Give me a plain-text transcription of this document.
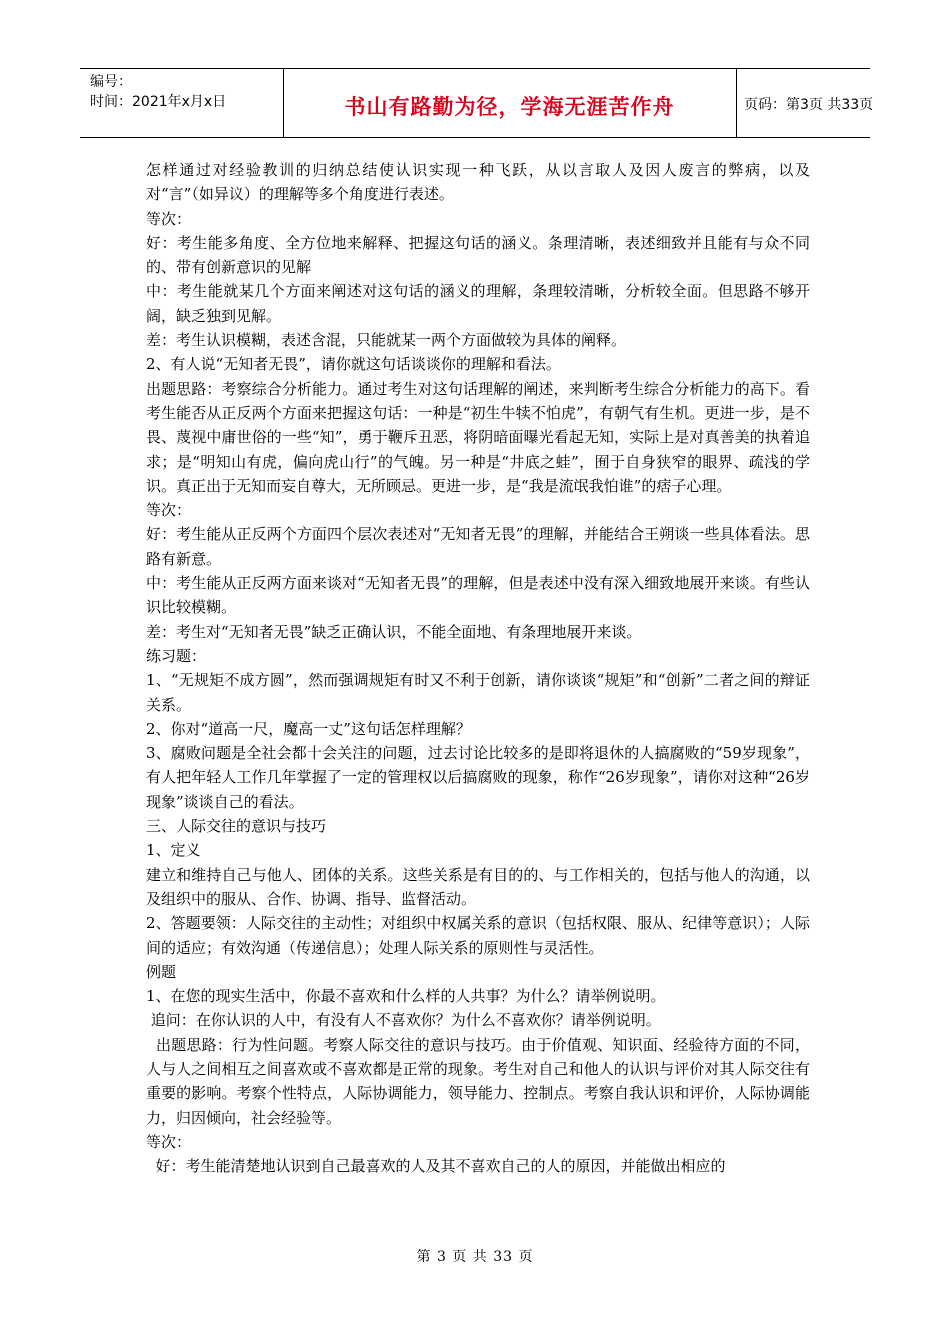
编号：
时间：2021年x月x日	书山有路勤为径，学海无涯苦作舟	页码：第3页 共33页

怎样通过对经验教训的归纳总结使认识实现一种飞跃，从以言取人及因人废言的弊病，以及对“言”（如异议）的理解等多个角度进行表述。

等次：

好：考生能多角度、全方位地来解释、把握这句话的涵义。条理清晰，表述细致并且能有与众不同的、带有创新意识的见解

中：考生能就某几个方面来阐述对这句话的涵义的理解，条理较清晰，分析较全面。但思路不够开阔，缺乏独到见解。

差：考生认识模糊，表述含混，只能就某一两个方面做较为具体的阐释。

2、有人说“无知者无畏”，请你就这句话谈谈你的理解和看法。

出题思路：考察综合分析能力。通过考生对这句话理解的阐述，来判断考生综合分析能力的高下。看考生能否从正反两个方面来把握这句话：一种是“初生牛犊不怕虎”，有朝气有生机。更进一步，是不畏、蔑视中庸世俗的一些“知”，勇于鞭斥丑恶，将阴暗面曝光看起无知，实际上是对真善美的执着追求；是“明知山有虎，偏向虎山行”的气魄。另一种是“井底之蛙”，囿于自身狭窄的眼界、疏浅的学识。真正出于无知而妄自尊大，无所顾忌。更进一步，是“我是流氓我怕谁”的痞子心理。

等次：

好：考生能从正反两个方面四个层次表述对“无知者无畏”的理解，并能结合王朔谈一些具体看法。思路有新意。

中：考生能从正反两方面来谈对“无知者无畏”的理解，但是表述中没有深入细致地展开来谈。有些认识比较模糊。

差：考生对“无知者无畏”缺乏正确认识，不能全面地、有条理地展开来谈。

练习题：

1、“无规矩不成方圆”，然而强调规矩有时又不利于创新，请你谈谈“规矩”和“创新”二者之间的辩证关系。

2、你对“道高一尺，魔高一丈”这句话怎样理解？

3、腐败问题是全社会都十会关注的问题，过去讨论比较多的是即将退休的人搞腐败的“59岁现象”，有人把年轻人工作几年掌握了一定的管理权以后搞腐败的现象，称作“26岁现象”，请你对这种“26岁现象”谈谈自己的看法。

三、人际交往的意识与技巧

1、定义

建立和维持自己与他人、团体的关系。这些关系是有目的的、与工作相关的，包括与他人的沟通，以及组织中的服从、合作、协调、指导、监督活动。

2、答题要领：人际交往的主动性；对组织中权属关系的意识（包括权限、服从、纪律等意识）；人际间的适应；有效沟通（传递信息）；处理人际关系的原则性与灵活性。

例题

1、在您的现实生活中，你最不喜欢和什么样的人共事？为什么？请举例说明。

追问：在你认识的人中，有没有人不喜欢你？为什么不喜欢你？请举例说明。

出题思路：行为性问题。考察人际交往的意识与技巧。由于价值观、知识面、经验待方面的不同，人与人之间相互之间喜欢或不喜欢都是正常的现象。考生对自己和他人的认识与评价对其人际交往有重要的影响。考察个性特点，人际协调能力，领导能力、控制点。考察自我认识和评价，人际协调能力，归因倾向，社会经验等。

等次：

好：考生能清楚地认识到自己最喜欢的人及其不喜欢自己的人的原因，并能做出相应的

第 3 页 共 33 页
